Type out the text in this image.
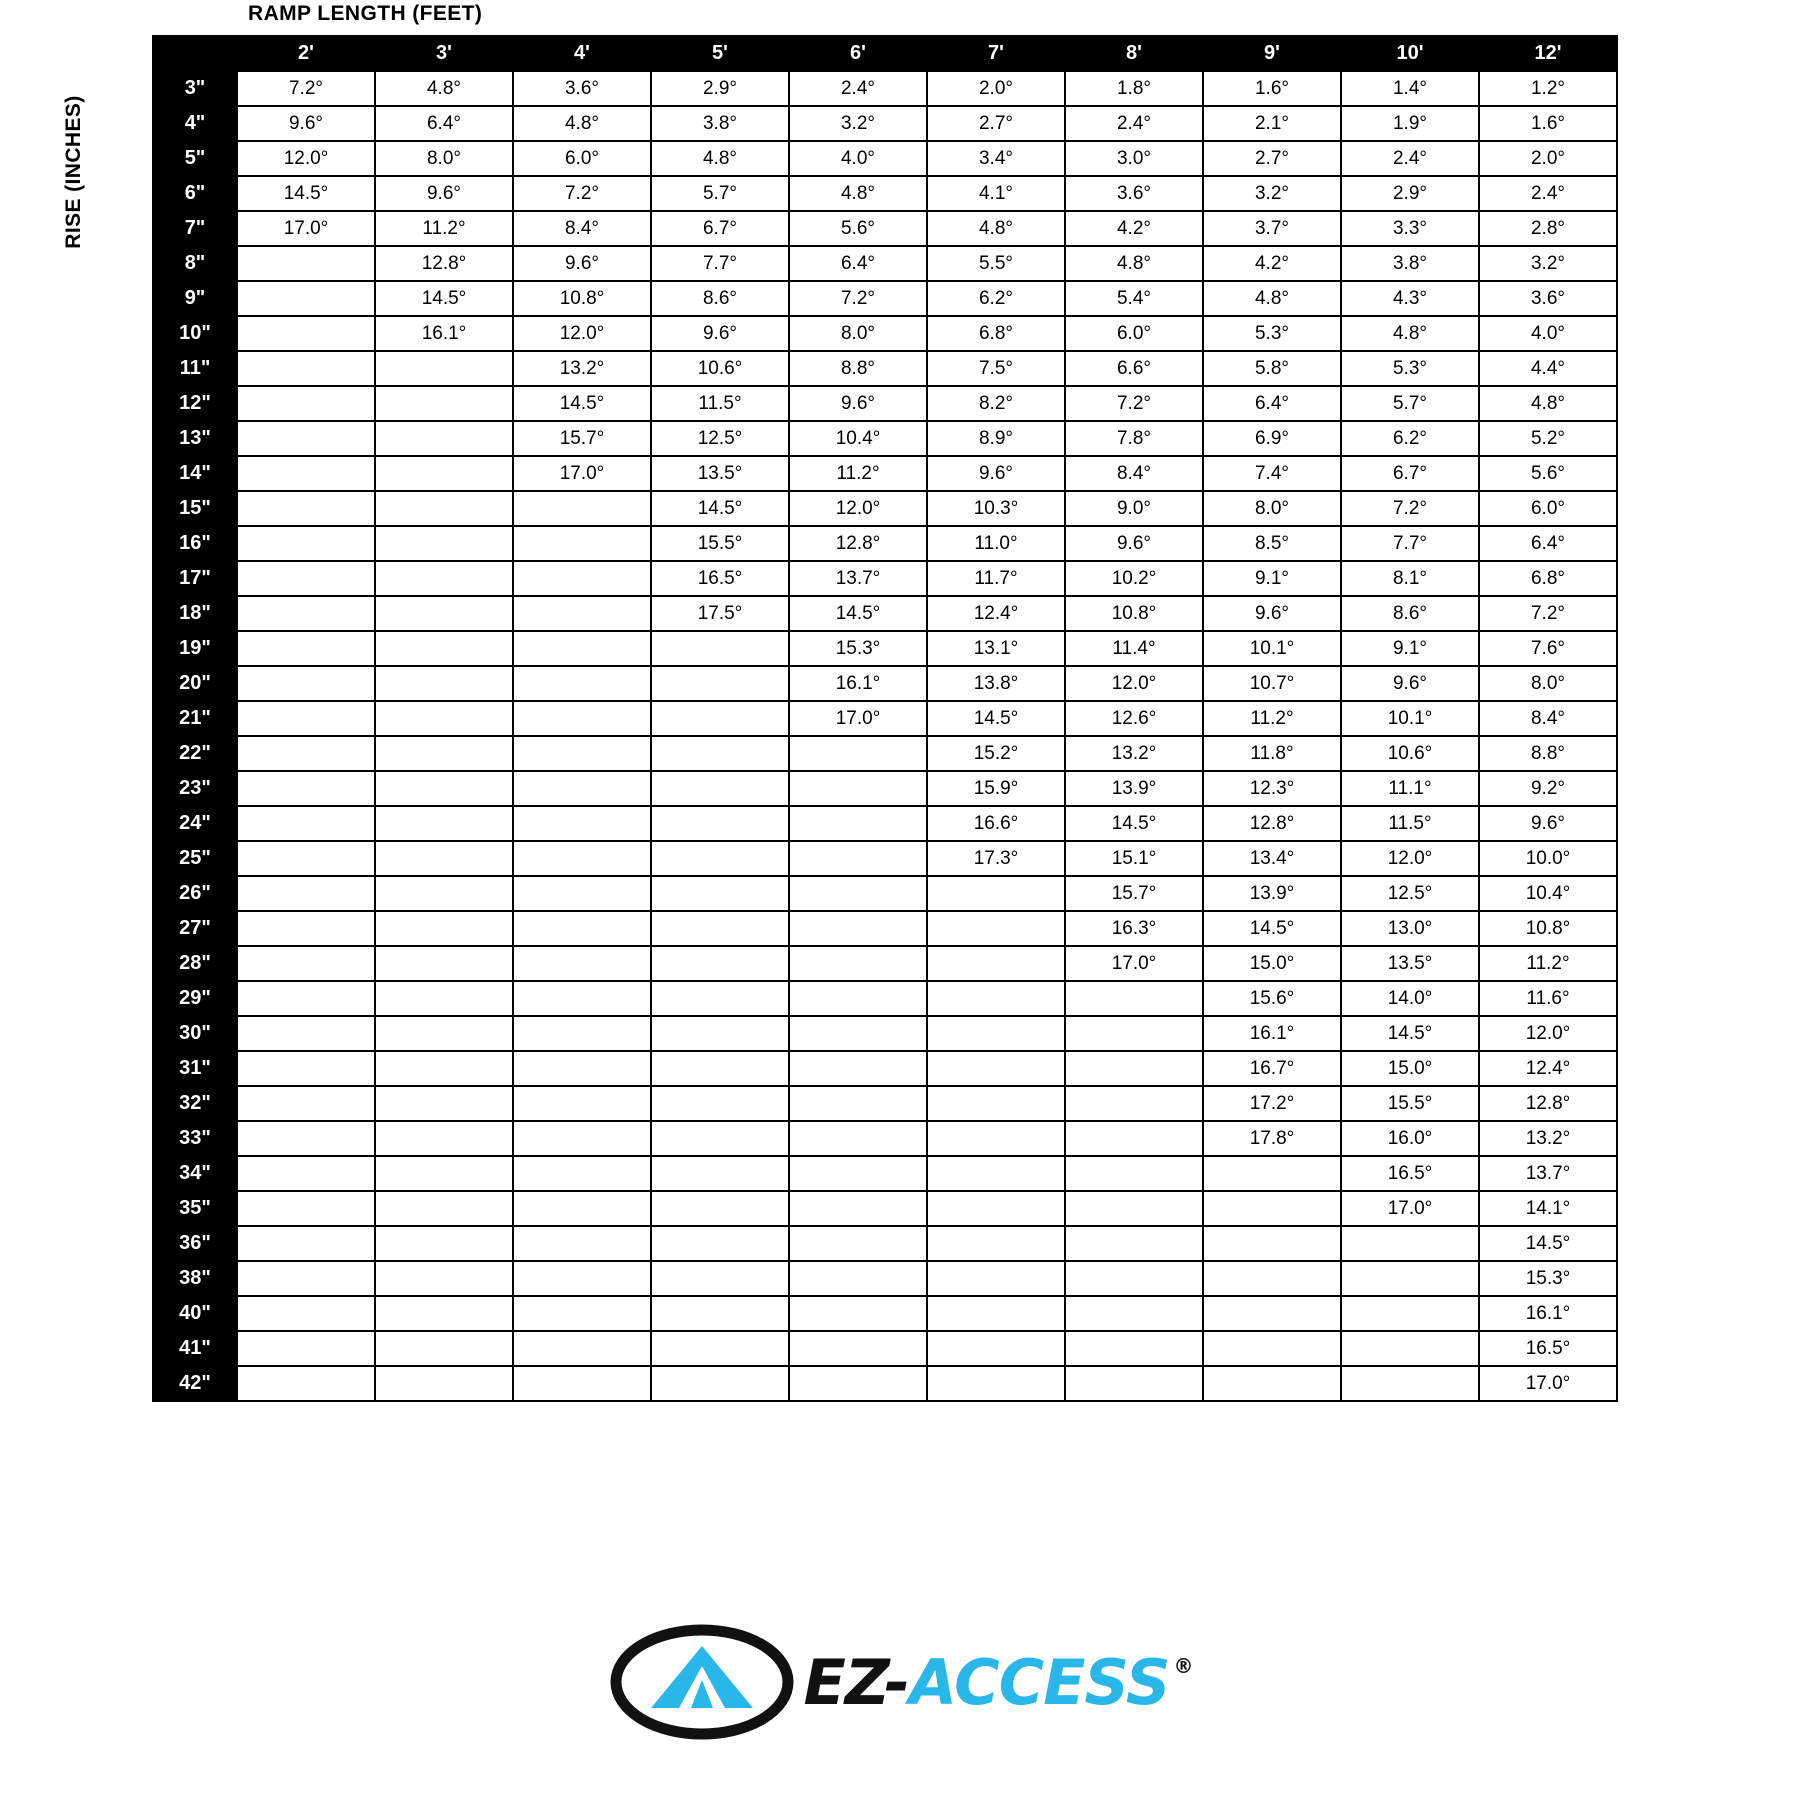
RAMP LENGTH (FEET)
RISE (INCHES)
	2'	3'	4'	5'	6'	7'	8'	9'	10'	12'
3"	7.2°	4.8°	3.6°	2.9°	2.4°	2.0°	1.8°	1.6°	1.4°	1.2°
4"	9.6°	6.4°	4.8°	3.8°	3.2°	2.7°	2.4°	2.1°	1.9°	1.6°
5"	12.0°	8.0°	6.0°	4.8°	4.0°	3.4°	3.0°	2.7°	2.4°	2.0°
6"	14.5°	9.6°	7.2°	5.7°	4.8°	4.1°	3.6°	3.2°	2.9°	2.4°
7"	17.0°	11.2°	8.4°	6.7°	5.6°	4.8°	4.2°	3.7°	3.3°	2.8°
8"		12.8°	9.6°	7.7°	6.4°	5.5°	4.8°	4.2°	3.8°	3.2°
9"		14.5°	10.8°	8.6°	7.2°	6.2°	5.4°	4.8°	4.3°	3.6°
10"		16.1°	12.0°	9.6°	8.0°	6.8°	6.0°	5.3°	4.8°	4.0°
11"			13.2°	10.6°	8.8°	7.5°	6.6°	5.8°	5.3°	4.4°
12"			14.5°	11.5°	9.6°	8.2°	7.2°	6.4°	5.7°	4.8°
13"			15.7°	12.5°	10.4°	8.9°	7.8°	6.9°	6.2°	5.2°
14"			17.0°	13.5°	11.2°	9.6°	8.4°	7.4°	6.7°	5.6°
15"				14.5°	12.0°	10.3°	9.0°	8.0°	7.2°	6.0°
16"				15.5°	12.8°	11.0°	9.6°	8.5°	7.7°	6.4°
17"				16.5°	13.7°	11.7°	10.2°	9.1°	8.1°	6.8°
18"				17.5°	14.5°	12.4°	10.8°	9.6°	8.6°	7.2°
19"					15.3°	13.1°	11.4°	10.1°	9.1°	7.6°
20"					16.1°	13.8°	12.0°	10.7°	9.6°	8.0°
21"					17.0°	14.5°	12.6°	11.2°	10.1°	8.4°
22"						15.2°	13.2°	11.8°	10.6°	8.8°
23"						15.9°	13.9°	12.3°	11.1°	9.2°
24"						16.6°	14.5°	12.8°	11.5°	9.6°
25"						17.3°	15.1°	13.4°	12.0°	10.0°
26"							15.7°	13.9°	12.5°	10.4°
27"							16.3°	14.5°	13.0°	10.8°
28"							17.0°	15.0°	13.5°	11.2°
29"								15.6°	14.0°	11.6°
30"								16.1°	14.5°	12.0°
31"								16.7°	15.0°	12.4°
32"								17.2°	15.5°	12.8°
33"								17.8°	16.0°	13.2°
34"									16.5°	13.7°
35"									17.0°	14.1°
36"										14.5°
38"										15.3°
40"										16.1°
41"										16.5°
42"										17.0°
EZ- ACCESS ®
